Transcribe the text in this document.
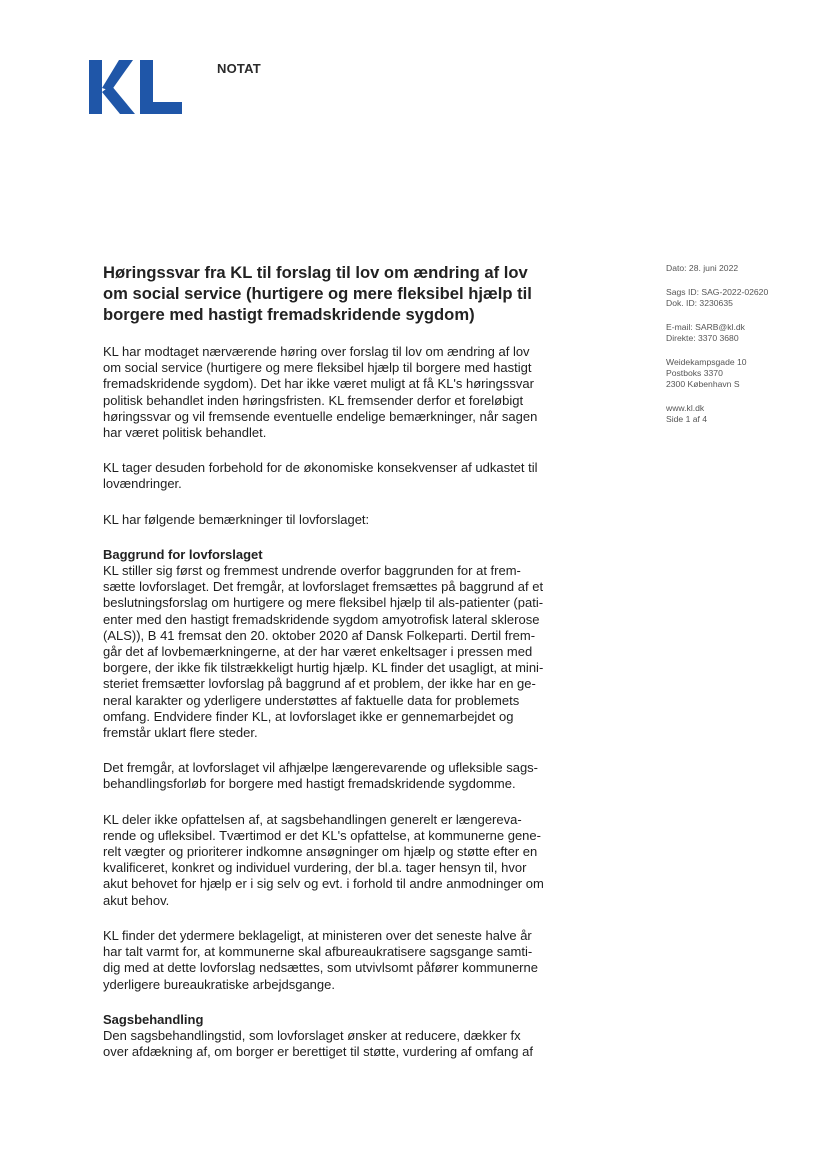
NOTAT
Dato: 28. juni 2022
Sags ID: SAG-2022-02620
Dok. ID: 3230635
E-mail: SARB@kl.dk
Direkte: 3370 3680
Weidekampsgade 10
Postboks 3370
2300 København S
www.kl.dk
Side 1 af 4
Høringssvar fra KL til forslag til lov om ændring af lov
om social service (hurtigere og mere fleksibel hjælp til
borgere med hastigt fremadskridende sygdom)

KL har modtaget nærværende høring over forslag til lov om ændring af lov
om social service (hurtigere og mere fleksibel hjælp til borgere med hastigt
fremadskridende sygdom). Det har ikke været muligt at få KL's høringssvar
politisk behandlet inden høringsfristen. KL fremsender derfor et foreløbigt
høringssvar og vil fremsende eventuelle endelige bemærkninger, når sagen
har været politisk behandlet.

KL tager desuden forbehold for de økonomiske konsekvenser af udkastet til
lovændringer.

KL har følgende bemærkninger til lovforslaget:

Baggrund for lovforslaget

KL stiller sig først og fremmest undrende overfor baggrunden for at frem-
sætte lovforslaget. Det fremgår, at lovforslaget fremsættes på baggrund af et
beslutningsforslag om hurtigere og mere fleksibel hjælp til als-patienter (pati-
enter med den hastigt fremadskridende sygdom amyotrofisk lateral sklerose
(ALS)), B 41 fremsat den 20. oktober 2020 af Dansk Folkeparti. Dertil frem-
går det af lovbemærkningerne, at der har været enkeltsager i pressen med
borgere, der ikke fik tilstrækkeligt hurtig hjælp. KL finder det usagligt, at mini-
steriet fremsætter lovforslag på baggrund af et problem, der ikke har en ge-
neral karakter og yderligere understøttes af faktuelle data for problemets
omfang. Endvidere finder KL, at lovforslaget ikke er gennemarbejdet og
fremstår uklart flere steder.

Det fremgår, at lovforslaget vil afhjælpe længerevarende og ufleksible sags-
behandlingsforløb for borgere med hastigt fremadskridende sygdomme.

KL deler ikke opfattelsen af, at sagsbehandlingen generelt er længereva-
rende og ufleksibel. Tværtimod er det KL's opfattelse, at kommunerne gene-
relt vægter og prioriterer indkomne ansøgninger om hjælp og støtte efter en
kvalificeret, konkret og individuel vurdering, der bl.a. tager hensyn til, hvor
akut behovet for hjælp er i sig selv og evt. i forhold til andre anmodninger om
akut behov.

KL finder det ydermere beklageligt, at ministeren over det seneste halve år
har talt varmt for, at kommunerne skal afbureaukratisere sagsgange samti-
dig med at dette lovforslag nedsættes, som utvivlsomt påfører kommunerne
yderligere bureaukratiske arbejdsgange.

Sagsbehandling

Den sagsbehandlingstid, som lovforslaget ønsker at reducere, dækker fx
over afdækning af, om borger er berettiget til støtte, vurdering af omfang af
